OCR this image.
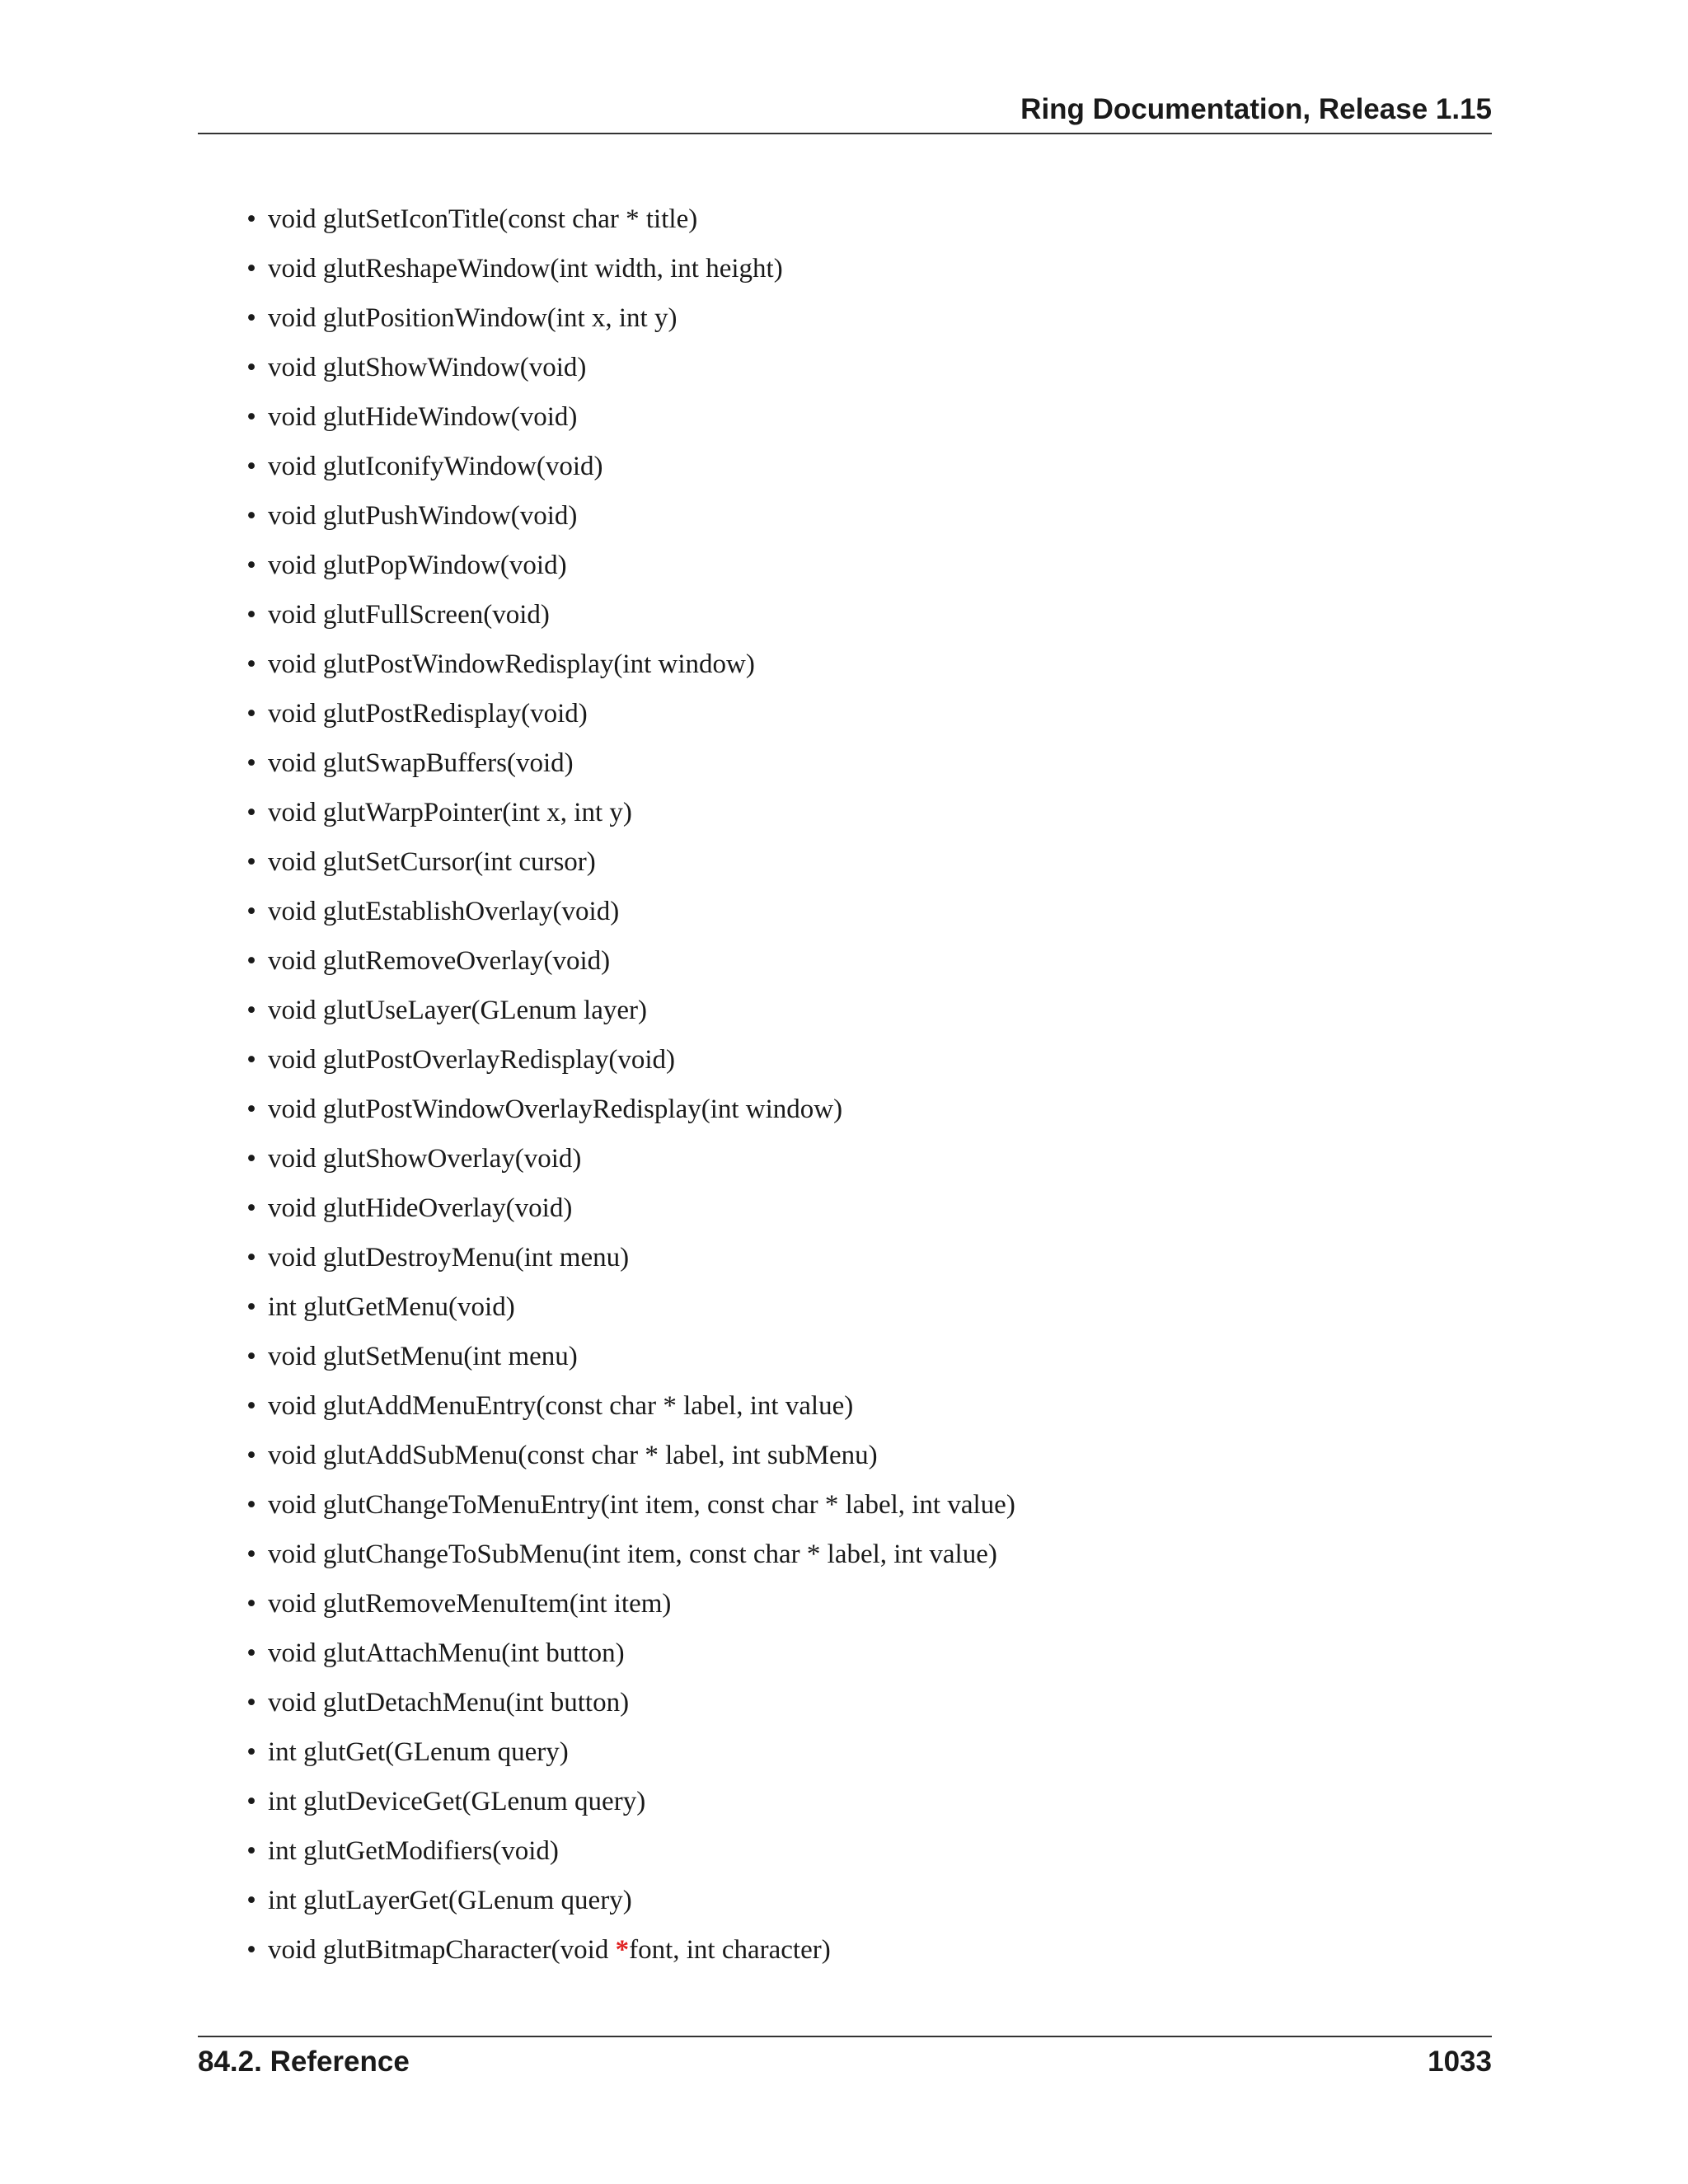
Ring Documentation, Release 1.15
• void glutSetIconTitle(const char * title)
• void glutReshapeWindow(int width, int height)
• void glutPositionWindow(int x, int y)
• void glutShowWindow(void)
• void glutHideWindow(void)
• void glutIconifyWindow(void)
• void glutPushWindow(void)
• void glutPopWindow(void)
• void glutFullScreen(void)
• void glutPostWindowRedisplay(int window)
• void glutPostRedisplay(void)
• void glutSwapBuffers(void)
• void glutWarpPointer(int x, int y)
• void glutSetCursor(int cursor)
• void glutEstablishOverlay(void)
• void glutRemoveOverlay(void)
• void glutUseLayer(GLenum layer)
• void glutPostOverlayRedisplay(void)
• void glutPostWindowOverlayRedisplay(int window)
• void glutShowOverlay(void)
• void glutHideOverlay(void)
• void glutDestroyMenu(int menu)
• int glutGetMenu(void)
• void glutSetMenu(int menu)
• void glutAddMenuEntry(const char * label, int value)
• void glutAddSubMenu(const char * label, int subMenu)
• void glutChangeToMenuEntry(int item, const char * label, int value)
• void glutChangeToSubMenu(int item, const char * label, int value)
• void glutRemoveMenuItem(int item)
• void glutAttachMenu(int button)
• void glutDetachMenu(int button)
• int glutGet(GLenum query)
• int glutDeviceGet(GLenum query)
• int glutGetModifiers(void)
• int glutLayerGet(GLenum query)
• void glutBitmapCharacter(void *font, int character)
84.2. Reference	1033
